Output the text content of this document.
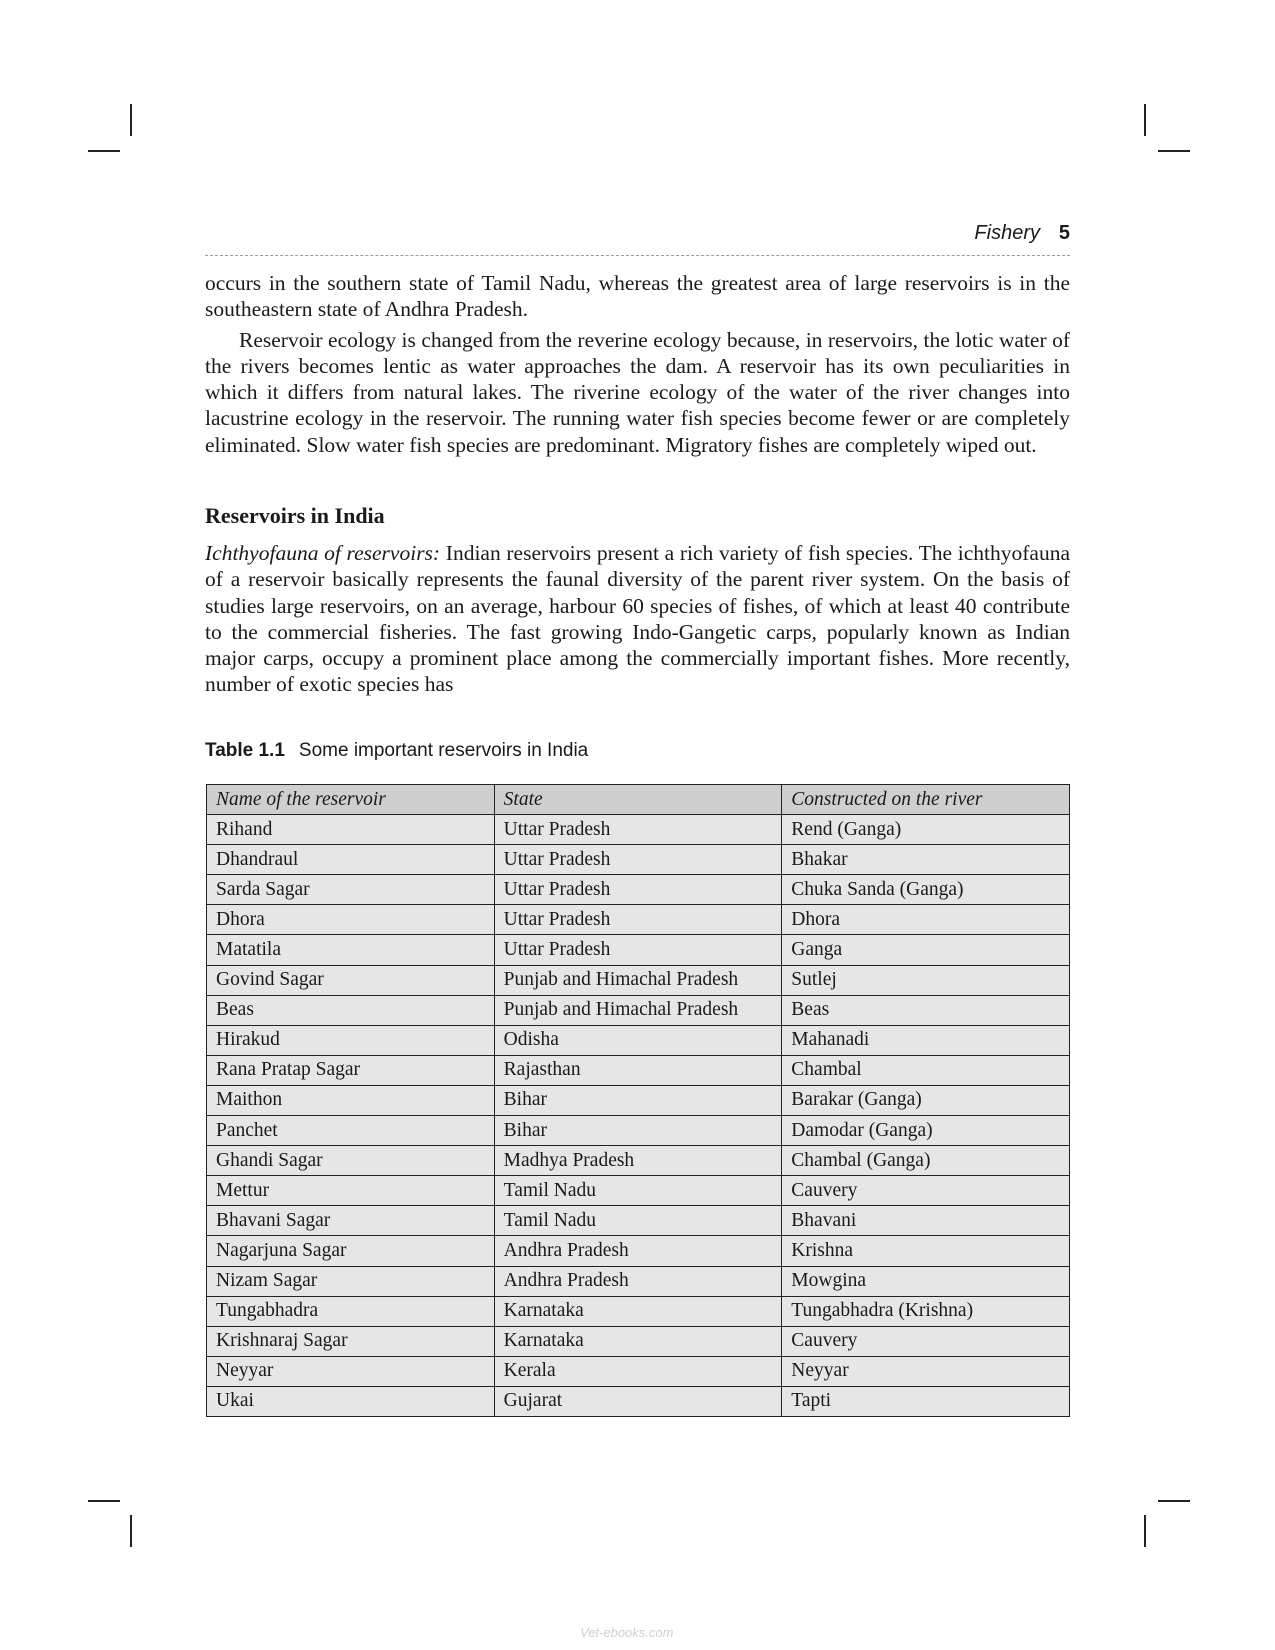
Fishery 5

occurs in the southern state of Tamil Nadu, whereas the greatest area of large reservoirs is in the southeastern state of Andhra Pradesh.

Reservoir ecology is changed from the reverine ecology because, in reservoirs, the lotic water of the rivers becomes lentic as water approaches the dam. A reservoir has its own peculiarities in which it differs from natural lakes. The riverine ecology of the water of the river changes into lacustrine ecology in the reservoir. The running water fish species become fewer or are completely eliminated. Slow water fish species are predominant. Migratory fishes are completely wiped out.

Reservoirs in India

Ichthyofauna of reservoirs: Indian reservoirs present a rich variety of fish species. The ichthyofauna of a reservoir basically represents the faunal diversity of the parent river system. On the basis of studies large reservoirs, on an average, harbour 60 species of fishes, of which at least 40 contribute to the commercial fisheries. The fast growing Indo-Gangetic carps, popularly known as Indian major carps, occupy a prominent place among the commercially important fishes. More recently, number of exotic species has

Table 1.1 Some important reservoirs in India
Name of the reservoir	State	Constructed on the river
Rihand	Uttar Pradesh	Rend (Ganga)
Dhandraul	Uttar Pradesh	Bhakar
Sarda Sagar	Uttar Pradesh	Chuka Sanda (Ganga)
Dhora	Uttar Pradesh	Dhora
Matatila	Uttar Pradesh	Ganga
Govind Sagar	Punjab and Himachal Pradesh	Sutlej
Beas	Punjab and Himachal Pradesh	Beas
Hirakud	Odisha	Mahanadi
Rana Pratap Sagar	Rajasthan	Chambal
Maithon	Bihar	Barakar (Ganga)
Panchet	Bihar	Damodar (Ganga)
Ghandi Sagar	Madhya Pradesh	Chambal (Ganga)
Mettur	Tamil Nadu	Cauvery
Bhavani Sagar	Tamil Nadu	Bhavani
Nagarjuna Sagar	Andhra Pradesh	Krishna
Nizam Sagar	Andhra Pradesh	Mowgina
Tungabhadra	Karnataka	Tungabhadra (Krishna)
Krishnaraj Sagar	Karnataka	Cauvery
Neyyar	Kerala	Neyyar
Ukai	Gujarat	Tapti
Vet-ebooks.com
